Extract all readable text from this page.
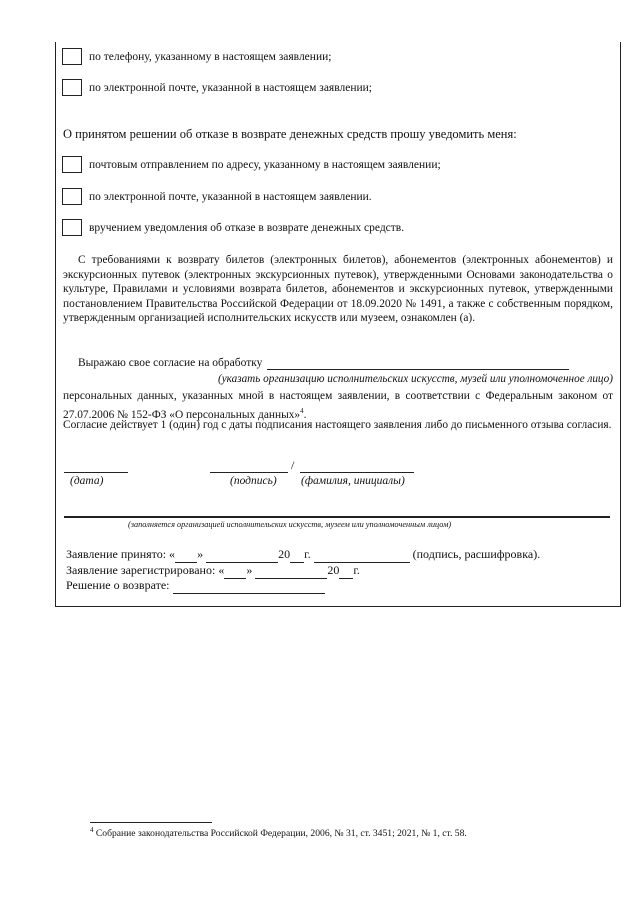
по телефону, указанному в настоящем заявлении;
по электронной почте, указанной в настоящем заявлении;
О принятом решении об отказе в возврате денежных средств прошу уведомить меня:
почтовым отправлением по адресу, указанному в настоящем заявлении;
по электронной почте, указанной в настоящем заявлении.
вручением уведомления об отказе в возврате денежных средств.
С требованиями к возврату билетов (электронных билетов), абонементов (электронных абонементов) и экскурсионных путевок (электронных экскурсионных путевок), утвержденными Основами законодательства о культуре, Правилами и условиями возврата билетов, абонементов и экскурсионных путевок, утвержденными постановлением Правительства Российской Федерации от 18.09.2020 № 1491, а также с собственным порядком, утвержденным организацией исполнительских искусств или музеем, ознакомлен (а).
Выражаю свое согласие на обработку
(указать организацию исполнительских искусств, музей или уполномоченное лицо)
персональных данных, указанных мной в настоящем заявлении, в соответствии с Федеральным законом от 27.07.2006 № 152-ФЗ «О персональных данных»$^4$.
Согласие действует 1 (один) год с даты подписания настоящего заявления либо до письменного отзыва согласия.
/
(дата)	(подпись) (фамилия, инициалы)
(заполняется организацией исполнительских искусств, музеем или уполномоченным лицом)
Заявление принято: « »	20 г.	(подпись, расшифровка).
Заявление зарегистрировано: « »	20 г.
Решение о возврате:
$^4$ Собрание законодательства Российской Федерации, 2006, № 31, ст. 3451; 2021, № 1, ст. 58.
